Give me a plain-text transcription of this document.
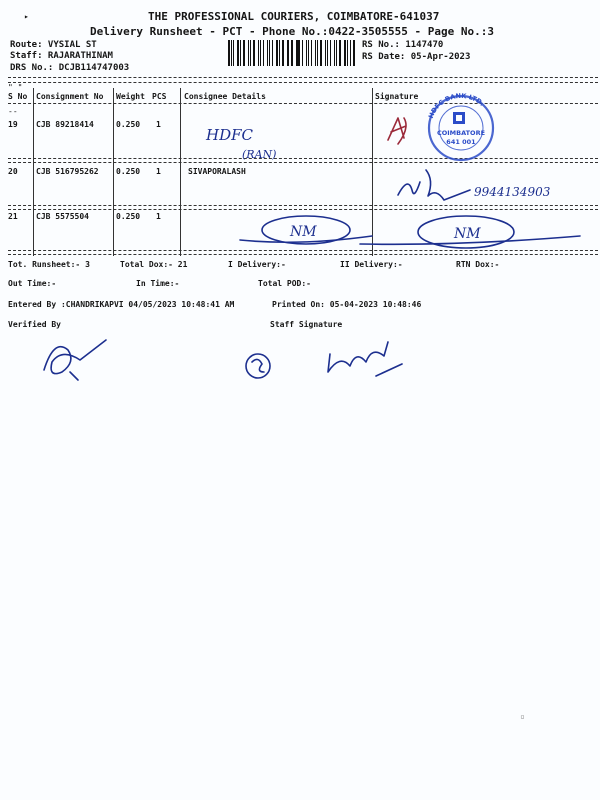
▸	THE PROFESSIONAL COURIERS, COIMBATORE-641037
Delivery Runsheet - PCT - Phone No.:0422-3505555 - Page No.:3
Route: VYSIAL ST
Staff: RAJARATHINAM
DRS No.: DCJB114747003
RS No.: 1147470
RS Date: 05-Apr-2023
" "
S No Consignment No Weight PCS Consignee Details	Signature
--
19 CJB 89218414	0.250 1
20 CJB 516795262 0.250 1	SIVAPORALASH
21 CJB 5575504	0.250 1
Tot. Runsheet:- 3	Total Dox:- 21	I Delivery:-	II Delivery:-	RTN Dox:-
Out Time:-	In Time:-	Total POD:-
Entered By :CHANDRIKAPVI 04/05/2023 10:48:41 AM	Printed On: 05-04-2023 10:48:46
Verified By	Staff Signature
HDFC BANK LTD.
COIMBATORE
641 001
HDFC
(RAN)
9944134903
NM	NM
▫
